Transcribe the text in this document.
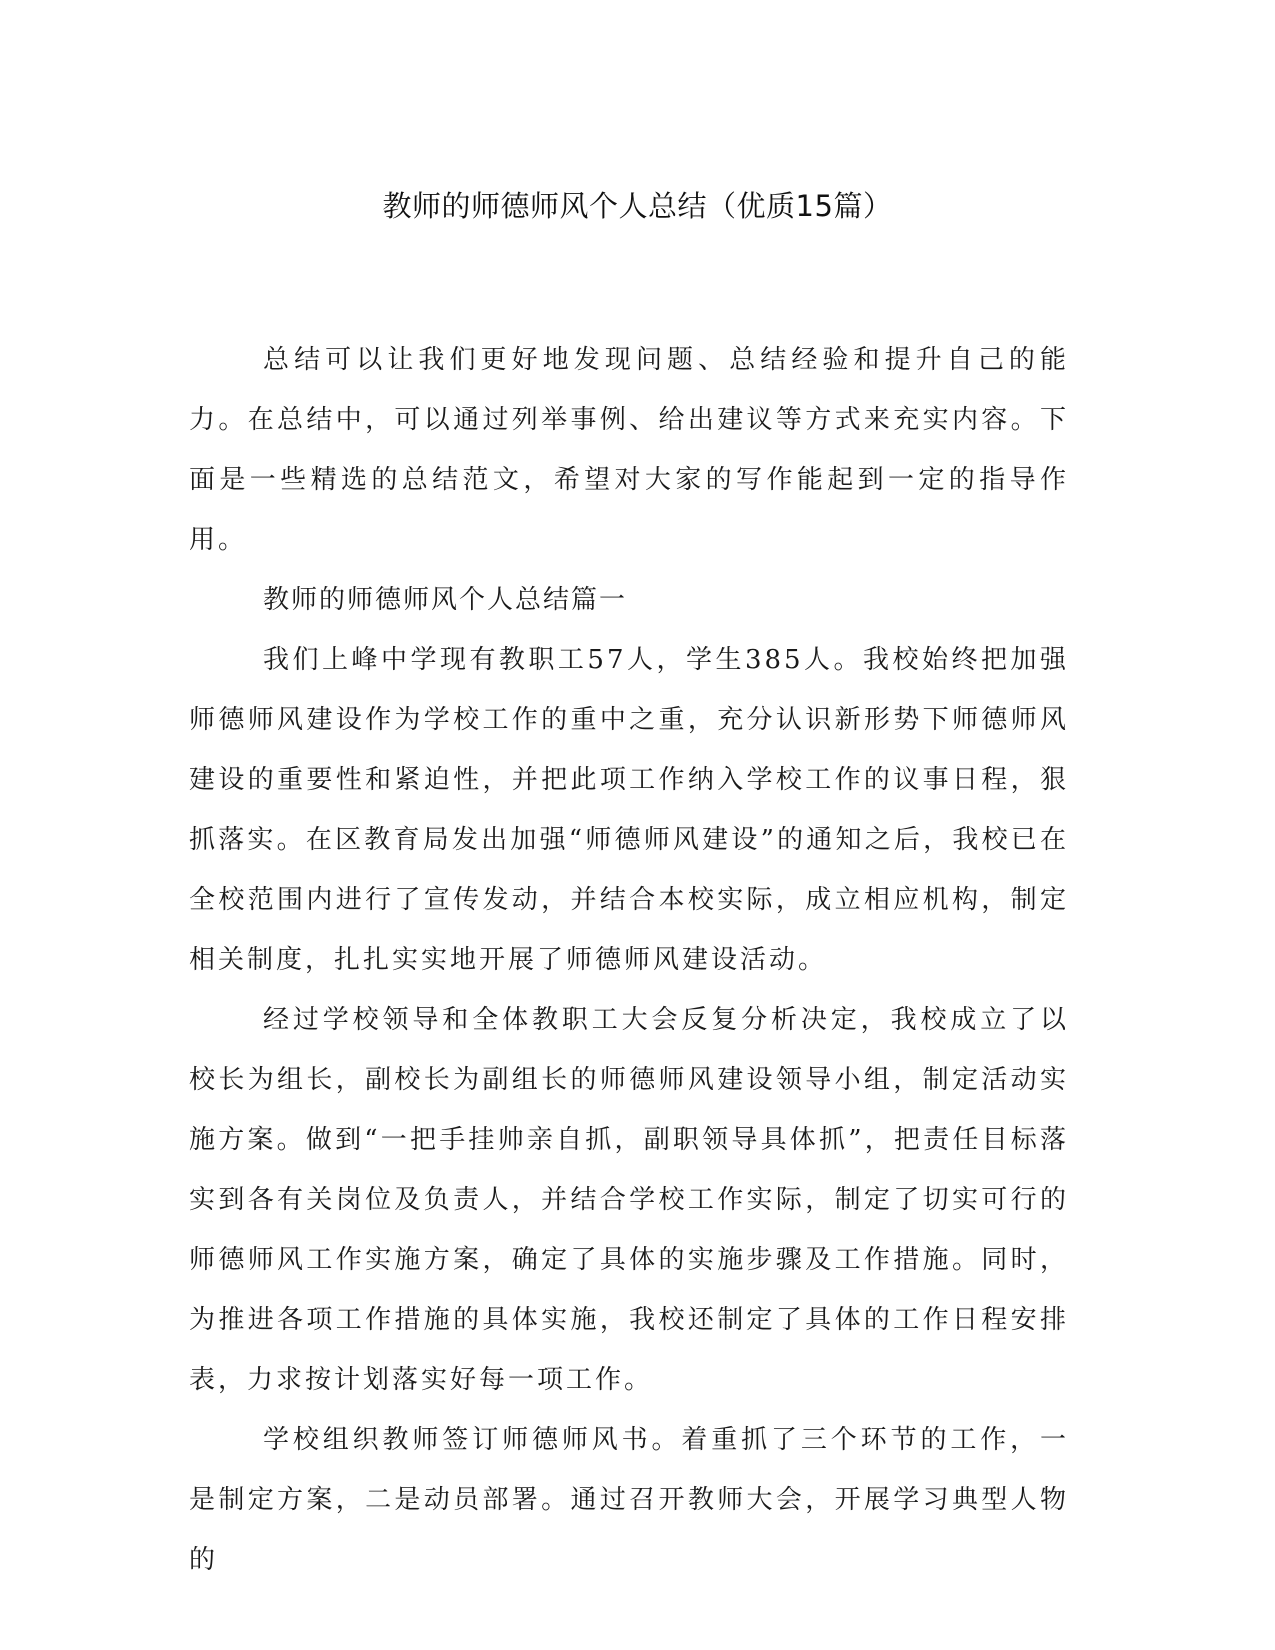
教师的师德师风个人总结（优质15篇）

总结可以让我们更好地发现问题、总结经验和提升自己的能力。在总结中，可以通过列举事例、给出建议等方式来充实内容。下面是一些精选的总结范文，希望对大家的写作能起到一定的指导作用。

教师的师德师风个人总结篇一

我们上峰中学现有教职工57人，学生385人。我校始终把加强师德师风建设作为学校工作的重中之重，充分认识新形势下师德师风建设的重要性和紧迫性，并把此项工作纳入学校工作的议事日程，狠抓落实。在区教育局发出加强“师德师风建设”的通知之后，我校已在全校范围内进行了宣传发动，并结合本校实际，成立相应机构，制定相关制度，扎扎实实地开展了师德师风建设活动。

经过学校领导和全体教职工大会反复分析决定，我校成立了以校长为组长，副校长为副组长的师德师风建设领导小组，制定活动实施方案。做到“一把手挂帅亲自抓，副职领导具体抓”，把责任目标落实到各有关岗位及负责人，并结合学校工作实际，制定了切实可行的师德师风工作实施方案，确定了具体的实施步骤及工作措施。同时，为推进各项工作措施的具体实施，我校还制定了具体的工作日程安排表，力求按计划落实好每一项工作。

学校组织教师签订师德师风书。着重抓了三个环节的工作，一是制定方案，二是动员部署。通过召开教师大会，开展学习典型人物的
